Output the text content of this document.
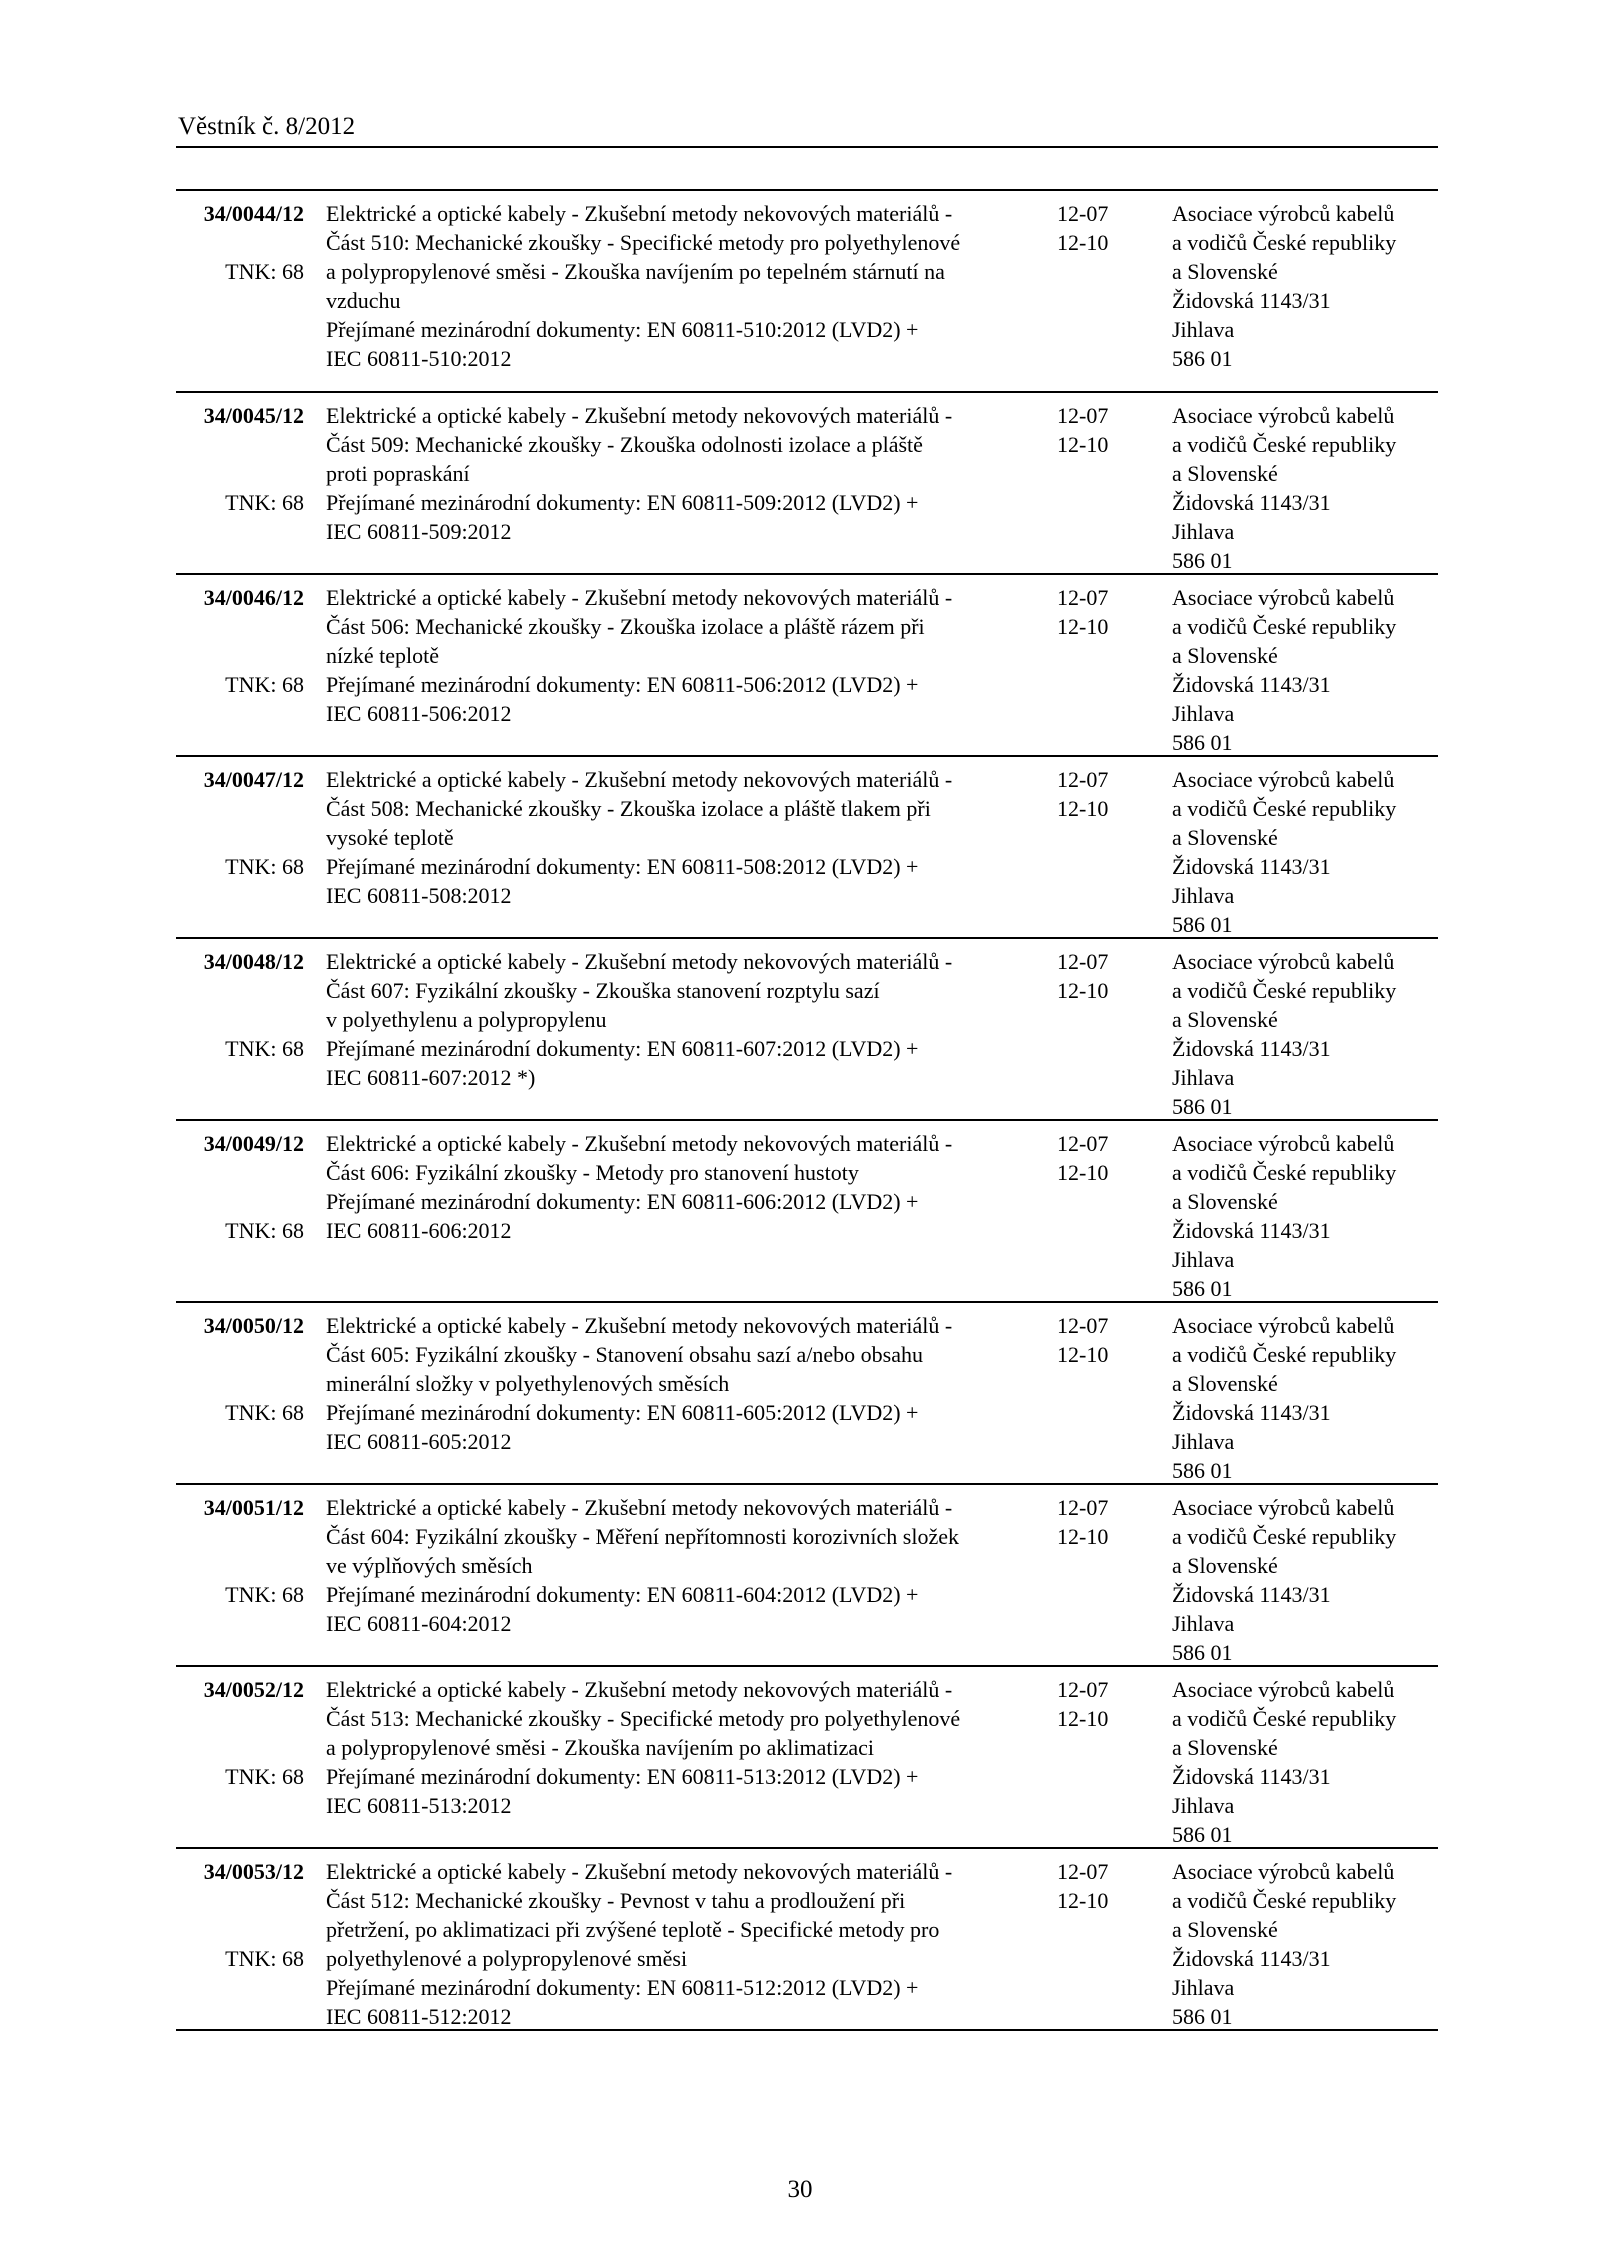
Věstník č. 8/2012
34/0044/12
TNK: 68
Elektrické a optické kabely - Zkušební metody nekovových materiálů -
Část 510: Mechanické zkoušky - Specifické metody pro polyethylenové
a polypropylenové směsi - Zkouška navíjením po tepelném stárnutí na
vzduchu
Přejímané mezinárodní dokumenty: EN 60811-510:2012 (LVD2) +
IEC 60811-510:2012
12-07
12-10
Asociace výrobců kabelů
a vodičů České republiky
a Slovenské
Židovská 1143/31
Jihlava
586 01
34/0045/12
TNK: 68
Elektrické a optické kabely - Zkušební metody nekovových materiálů -
Část 509: Mechanické zkoušky - Zkouška odolnosti izolace a pláště
proti popraskání
Přejímané mezinárodní dokumenty: EN 60811-509:2012 (LVD2) +
IEC 60811-509:2012
12-07
12-10
Asociace výrobců kabelů
a vodičů České republiky
a Slovenské
Židovská 1143/31
Jihlava
586 01
34/0046/12
TNK: 68
Elektrické a optické kabely - Zkušební metody nekovových materiálů -
Část 506: Mechanické zkoušky - Zkouška izolace a pláště rázem při
nízké teplotě
Přejímané mezinárodní dokumenty: EN 60811-506:2012 (LVD2) +
IEC 60811-506:2012
12-07
12-10
Asociace výrobců kabelů
a vodičů České republiky
a Slovenské
Židovská 1143/31
Jihlava
586 01
34/0047/12
TNK: 68
Elektrické a optické kabely - Zkušební metody nekovových materiálů -
Část 508: Mechanické zkoušky - Zkouška izolace a pláště tlakem při
vysoké teplotě
Přejímané mezinárodní dokumenty: EN 60811-508:2012 (LVD2) +
IEC 60811-508:2012
12-07
12-10
Asociace výrobců kabelů
a vodičů České republiky
a Slovenské
Židovská 1143/31
Jihlava
586 01
34/0048/12
TNK: 68
Elektrické a optické kabely - Zkušební metody nekovových materiálů -
Část 607: Fyzikální zkoušky - Zkouška stanovení rozptylu sazí
v polyethylenu a polypropylenu
Přejímané mezinárodní dokumenty: EN 60811-607:2012 (LVD2) +
IEC 60811-607:2012 *)
12-07
12-10
Asociace výrobců kabelů
a vodičů České republiky
a Slovenské
Židovská 1143/31
Jihlava
586 01
34/0049/12
TNK: 68
Elektrické a optické kabely - Zkušební metody nekovových materiálů -
Část 606: Fyzikální zkoušky - Metody pro stanovení hustoty
Přejímané mezinárodní dokumenty: EN 60811-606:2012 (LVD2) +
IEC 60811-606:2012
12-07
12-10
Asociace výrobců kabelů
a vodičů České republiky
a Slovenské
Židovská 1143/31
Jihlava
586 01
34/0050/12
TNK: 68
Elektrické a optické kabely - Zkušební metody nekovových materiálů -
Část 605: Fyzikální zkoušky - Stanovení obsahu sazí a/nebo obsahu
minerální složky v polyethylenových směsích
Přejímané mezinárodní dokumenty: EN 60811-605:2012 (LVD2) +
IEC 60811-605:2012
12-07
12-10
Asociace výrobců kabelů
a vodičů České republiky
a Slovenské
Židovská 1143/31
Jihlava
586 01
34/0051/12
TNK: 68
Elektrické a optické kabely - Zkušební metody nekovových materiálů -
Část 604: Fyzikální zkoušky - Měření nepřítomnosti korozivních složek
ve výplňových směsích
Přejímané mezinárodní dokumenty: EN 60811-604:2012 (LVD2) +
IEC 60811-604:2012
12-07
12-10
Asociace výrobců kabelů
a vodičů České republiky
a Slovenské
Židovská 1143/31
Jihlava
586 01
34/0052/12
TNK: 68
Elektrické a optické kabely - Zkušební metody nekovových materiálů -
Část 513: Mechanické zkoušky - Specifické metody pro polyethylenové
a polypropylenové směsi - Zkouška navíjením po aklimatizaci
Přejímané mezinárodní dokumenty: EN 60811-513:2012 (LVD2) +
IEC 60811-513:2012
12-07
12-10
Asociace výrobců kabelů
a vodičů České republiky
a Slovenské
Židovská 1143/31
Jihlava
586 01
34/0053/12
TNK: 68
Elektrické a optické kabely - Zkušební metody nekovových materiálů -
Část 512: Mechanické zkoušky - Pevnost v tahu a prodloužení při
přetržení, po aklimatizaci při zvýšené teplotě - Specifické metody pro
polyethylenové a polypropylenové směsi
Přejímané mezinárodní dokumenty: EN 60811-512:2012 (LVD2) +
IEC 60811-512:2012
12-07
12-10
Asociace výrobců kabelů
a vodičů České republiky
a Slovenské
Židovská 1143/31
Jihlava
586 01
30
